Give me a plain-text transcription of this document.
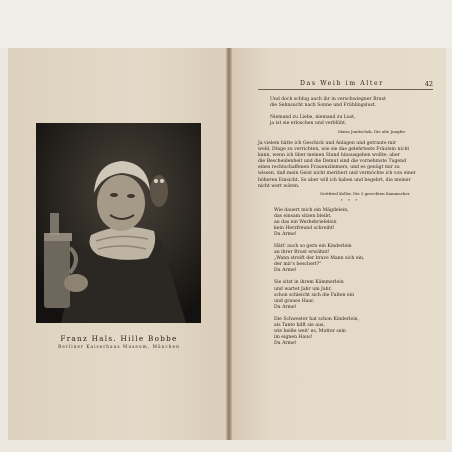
Franz Hals. Hille Bobbe
Berliner Kaiserhaus Museum, München
Das Weib im Alter	42
Und doch schlug auch ihr in verschwiegner Brust
die Sehnsucht nach Sonne und Frühlingslust.
Niemand zu Liebe, niemand zu Lust,
ja ist sie erloschen und verblüht.
Maria Janitschek, Die alte Jungfer
Ja vielem hätte ich Geschick und Anlagen und getraute mir
wohl, Dinge zu verrichten, wie sie das gelehrteste Fräulein nicht
kann, wenn ich über meinen Stand hinausgehen wollte; aber
die Bescheidenheit und die Demut sind die vornehmste Tugend
eines rechtschaffenen Frauenzimmers, und es genügt mir zu
wissen, daß mein Geist nicht meritiert und vermöchte ich von einer
höheren Einsicht. So aber will ich haben und begehrt, die meiner
nicht wert wären.
Gottfried Keller, Die 3 gerechten Kammacher
* * *
Wie dauert mich ein Mägdelein,
das einsam sitzen bleibt,
an das ein Werbebriefelein
kein Herzfreund schreibt!
Du Arme!
Hätt' auch so gern ein Kinderlein
an ihrer Brust erwähnt!
„Wann streift der brave Mann sich ein,
der mir's beschert?"
Du Arme!
Sie sitzt in ihrem Kämmerlein
und wartet Jahr um Jahr,
schon schleicht sich die Falten ein
und graues Haar.
Du Arme!
Die Schwester hat schon Kinderlein,
als Tante hilft sie aus,
wie heiße weit' es, Mutter sein
im eignen Haus!
Du Arme!
